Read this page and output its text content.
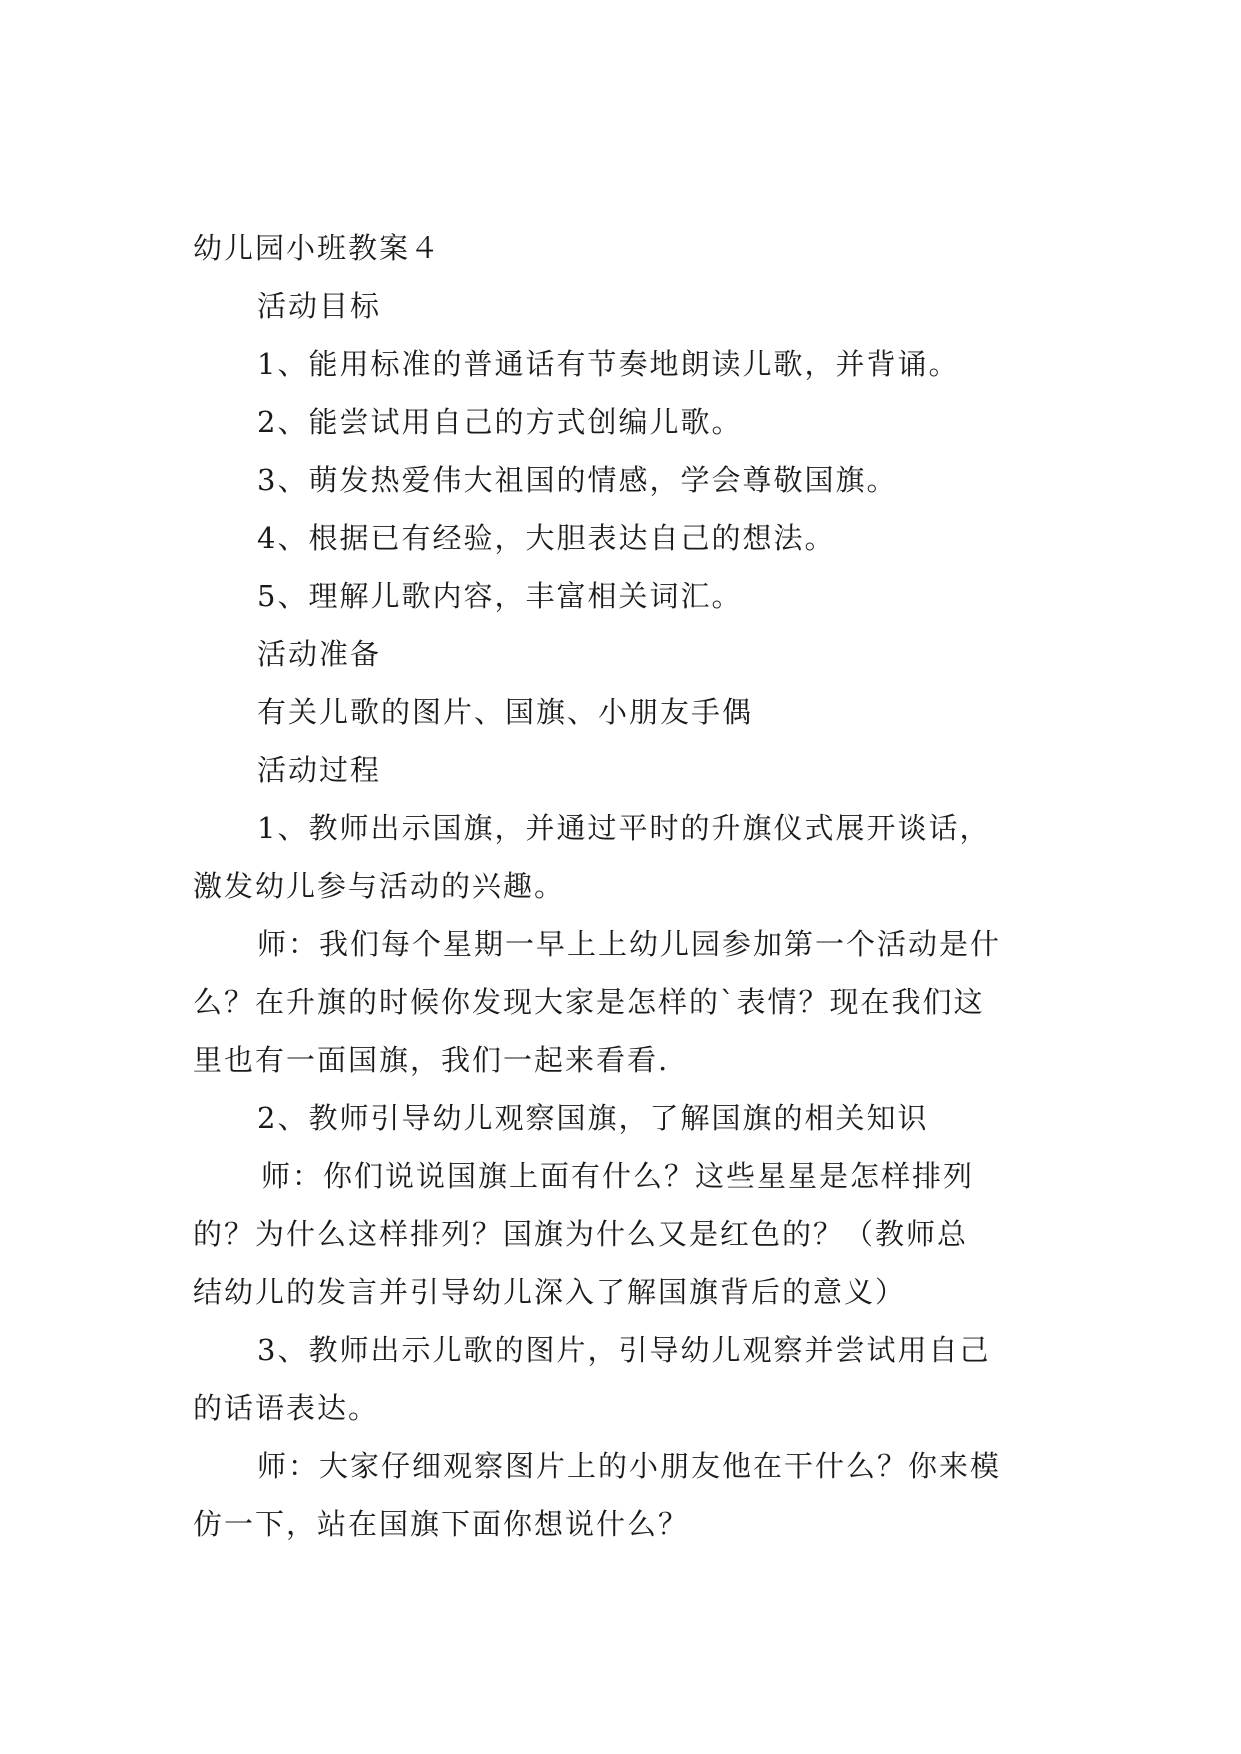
幼儿园小班教案４

活动目标

1、能用标准的普通话有节奏地朗读儿歌，并背诵。

2、能尝试用自己的方式创编儿歌。

3、萌发热爱伟大祖国的情感，学会尊敬国旗。

4、根据已有经验，大胆表达自己的想法。

5、理解儿歌内容，丰富相关词汇。

活动准备

有关儿歌的图片、国旗、小朋友手偶

活动过程

1、教师出示国旗，并通过平时的升旗仪式展开谈话，

激发幼儿参与活动的兴趣。

师：我们每个星期一早上上幼儿园参加第一个活动是什

么？在升旗的时候你发现大家是怎样的`表情？现在我们这

里也有一面国旗，我们一起来看看.

2、教师引导幼儿观察国旗，了解国旗的相关知识

师：你们说说国旗上面有什么？这些星星是怎样排列

的？为什么这样排列？国旗为什么又是红色的？（教师总

结幼儿的发言并引导幼儿深入了解国旗背后的意义）

3、教师出示儿歌的图片，引导幼儿观察并尝试用自己

的话语表达。

师：大家仔细观察图片上的小朋友他在干什么？你来模

仿一下，站在国旗下面你想说什么？
